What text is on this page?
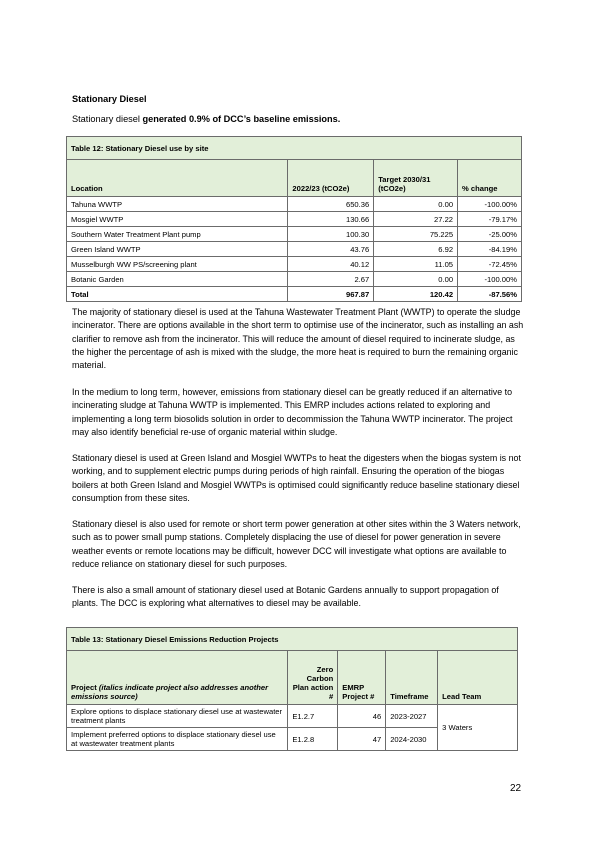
Stationary Diesel
Stationary diesel generated 0.9% of DCC’s baseline emissions.
Table 12: Stationary Diesel use by site			
Location	2022/23 (tCO2e)	Target 2030/31 (tCO2e)	% change
Tahuna WWTP	650.36	0.00	-100.00%
Mosgiel WWTP	130.66	27.22	-79.17%
Southern Water Treatment Plant pump	100.30	75.225	-25.00%
Green Island WWTP	43.76	6.92	-84.19%
Musselburgh WW PS/screening plant	40.12	11.05	-72.45%
Botanic Garden	2.67	0.00	-100.00%
Total	967.87	120.42	-87.56%

The majority of stationary diesel is used at the Tahuna Wastewater Treatment Plant (WWTP) to operate the sludge incinerator. There are options available in the short term to optimise use of the incinerator, such as installing an ash clarifier to remove ash from the incinerator. This will reduce the amount of diesel required to incinerate sludge, as the higher the percentage of ash is mixed with the sludge, the more heat is required to burn the remaining organic material.

In the medium to long term, however, emissions from stationary diesel can be greatly reduced if an alternative to incinerating sludge at Tahuna WWTP is implemented. This EMRP includes actions related to exploring and implementing a long term biosolids solution in order to decommission the Tahuna WWTP incinerator. The project may also identify beneficial re-use of organic material within sludge.

Stationary diesel is used at Green Island and Mosgiel WWTPs to heat the digesters when the biogas system is not working, and to supplement electric pumps during periods of high rainfall. Ensuring the operation of the biogas boilers at both Green Island and Mosgiel WWTPs is optimised could significantly reduce baseline stationary diesel consumption from these sites.

Stationary diesel is also used for remote or short term power generation at other sites within the 3 Waters network, such as to power small pump stations. Completely displacing the use of diesel for power generation in severe weather events or remote locations may be difficult, however DCC will investigate what options are available to reduce reliance on stationary diesel for such purposes.

There is also a small amount of stationary diesel used at Botanic Gardens annually to support propagation of plants. The DCC is exploring what alternatives to diesel may be available.

Table 13: Stationary Diesel Emissions Reduction Projects				
Project (italics indicate project also addresses another emissions source)	Zero Carbon Plan action #	EMRP Project #	Timeframe	Lead Team
Explore options to displace stationary diesel use at wastewater treatment plants	E1.2.7	46	2023-2027	3 Waters
Implement preferred options to displace stationary diesel use at wastewater treatment plants	E1.2.8	47	2024-2030	
22
